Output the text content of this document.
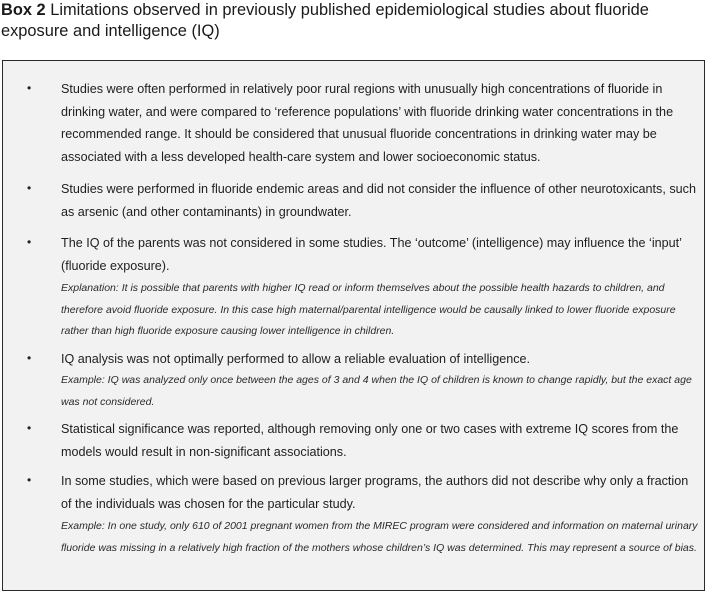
Box 2 Limitations observed in previously published epidemiological studies about fluoride exposure and intelligence (IQ)
• Studies were often performed in relatively poor rural regions with unusually high concentrations of fluoride in drinking water, and were compared to ‘reference populations’ with fluoride drinking water concentrations in the recommended range. It should be considered that unusual fluoride concentrations in drinking water may be associated with a less developed health-care system and lower socioeconomic status.
• Studies were performed in fluoride endemic areas and did not consider the influence of other neurotoxicants, such as arsenic (and other contaminants) in groundwater.
• The IQ of the parents was not considered in some studies. The ‘outcome’ (intelligence) may influence the ‘input’ (fluoride exposure).
Explanation: It is possible that parents with higher IQ read or inform themselves about the possible health hazards to children, and therefore avoid fluoride exposure. In this case high maternal/parental intelligence would be causally linked to lower fluoride exposure rather than high fluoride exposure causing lower intelligence in children.
• IQ analysis was not optimally performed to allow a reliable evaluation of intelligence.
Example: IQ was analyzed only once between the ages of 3 and 4 when the IQ of children is known to change rapidly, but the exact age was not considered.
• Statistical significance was reported, although removing only one or two cases with extreme IQ scores from the models would result in non-significant associations.
• In some studies, which were based on previous larger programs, the authors did not describe why only a fraction of the individuals was chosen for the particular study.
Example: In one study, only 610 of 2001 pregnant women from the MIREC program were considered and information on maternal urinary fluoride was missing in a relatively high fraction of the mothers whose children’s IQ was determined. This may represent a source of bias.
